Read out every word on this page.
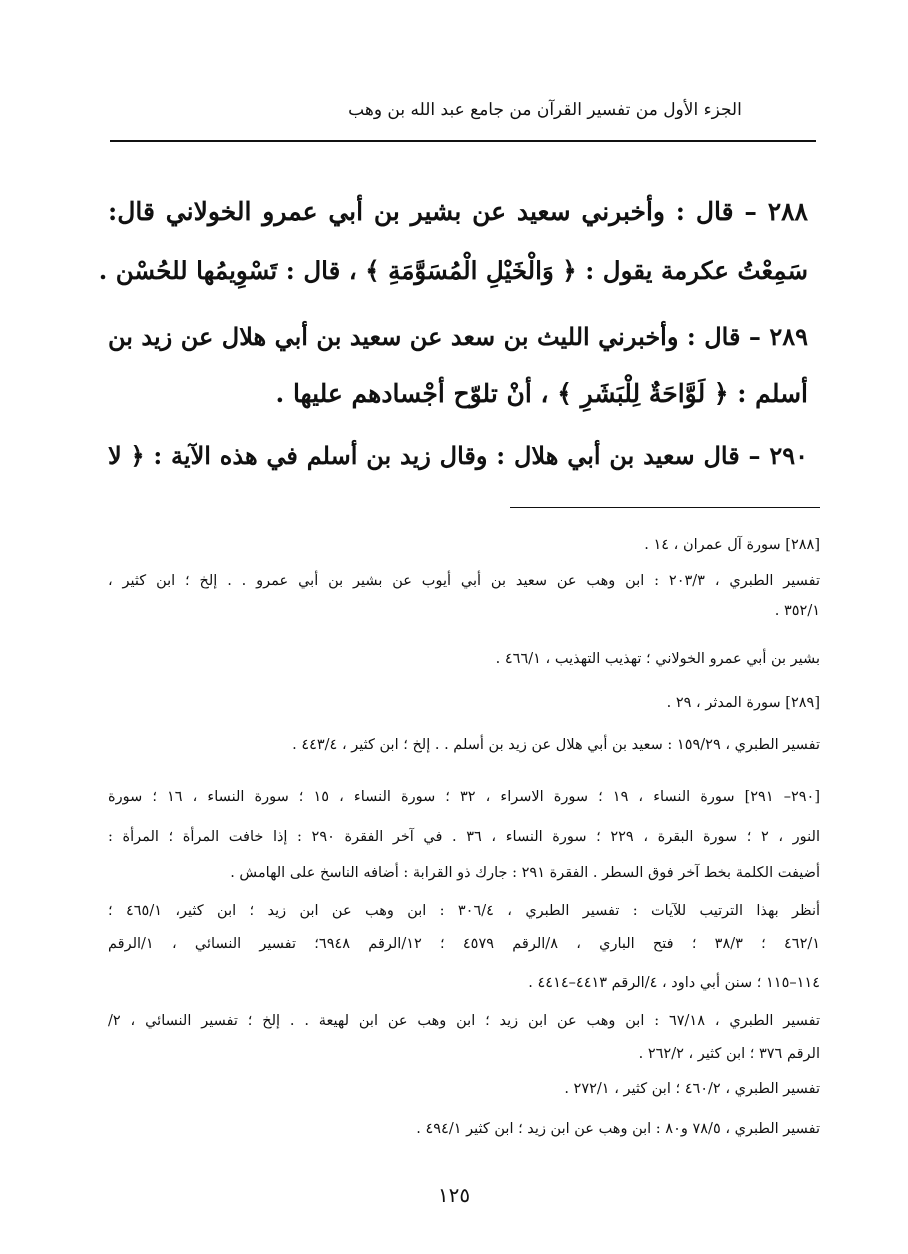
الجزء الأول من تفسير القرآن من جامع عبد الله بن وهب
٢٨٨ – قال : وأخبرني سعيد عن بشير بن أبي عمرو الخولاني قال:
سَمِعْتُ عكرمة يقول : ﴿ وَالْخَيْلِ الْمُسَوَّمَةِ ﴾ ، قال : تَسْوِيمُها للحُسْن .
٢٨٩ – قال : وأخبرني الليث بن سعد عن سعيد بن أبي هلال عن زيد بن
أسلم : ﴿ لَوَّاحَةٌ لِلْبَشَرِ ﴾ ، أنْ تلوّح أجْسادهم عليها .
٢٩٠ – قال سعيد بن أبي هلال : وقال زيد بن أسلم في هذه الآية : ﴿ لا
[٢٨٨] سورة آل عمران ، ١٤ .
تفسير الطبري ، ٢٠٣/٣ : ابن وهب عن سعيد بن أبي أيوب عن بشير بن أبي عمرو . . إلخ ؛ ابن كثير ،
٣٥٢/١ .
بشير بن أبي عمرو الخولاني ؛ تهذيب التهذيب ، ٤٦٦/١ .
[٢٨٩] سورة المدثر ، ٢٩ .
تفسير الطبري ، ١٥٩/٢٩ : سعيد بن أبي هلال عن زيد بن أسلم . . إلخ ؛ ابن كثير ، ٤٤٣/٤ .
[٢٩٠– ٢٩١] سورة النساء ، ١٩ ؛ سورة الاسراء ، ٣٢ ؛ سورة النساء ، ١٥ ؛ سورة النساء ، ١٦ ؛ سورة
النور ، ٢ ؛ سورة البقرة ، ٢٢٩ ؛ سورة النساء ، ٣٦ . في آخر الفقرة ٢٩٠ : إذا خافت المرأة ؛ المرأة :
أضيفت الكلمة بخط آخر فوق السطر . الفقرة ٢٩١ : جارك ذو القرابة : أضافه الناسخ على الهامش .
أنظر بهذا الترتيب للآيات : تفسير الطبري ، ٣٠٦/٤ : ابن وهب عن ابن زيد ؛ ابن كثير، ٤٦٥/١ ؛
٤٦٢/١ ؛ ٣٨/٣ ؛ فتح الباري ، ٨/الرقم ٤٥٧٩ ؛ ١٢/الرقم ٦٩٤٨؛ تفسير النسائي ، ١/الرقم
١١٤–١١٥ ؛ سنن أبي داود ، ٤/الرقم ٤٤١٣–٤٤١٤ .
تفسير الطبري ، ٦٧/١٨ : ابن وهب عن ابن زيد ؛ ابن وهب عن ابن لهيعة . . إلخ ؛ تفسير النسائي ، ٢/
الرقم ٣٧٦ ؛ ابن كثير ، ٢٦٢/٢ .
تفسير الطبري ، ٤٦٠/٢ ؛ ابن كثير ، ٢٧٢/١ .
تفسير الطبري ، ٧٨/٥ و٨٠ : ابن وهب عن ابن زيد ؛ ابن كثير ٤٩٤/١ .
١٢٥
